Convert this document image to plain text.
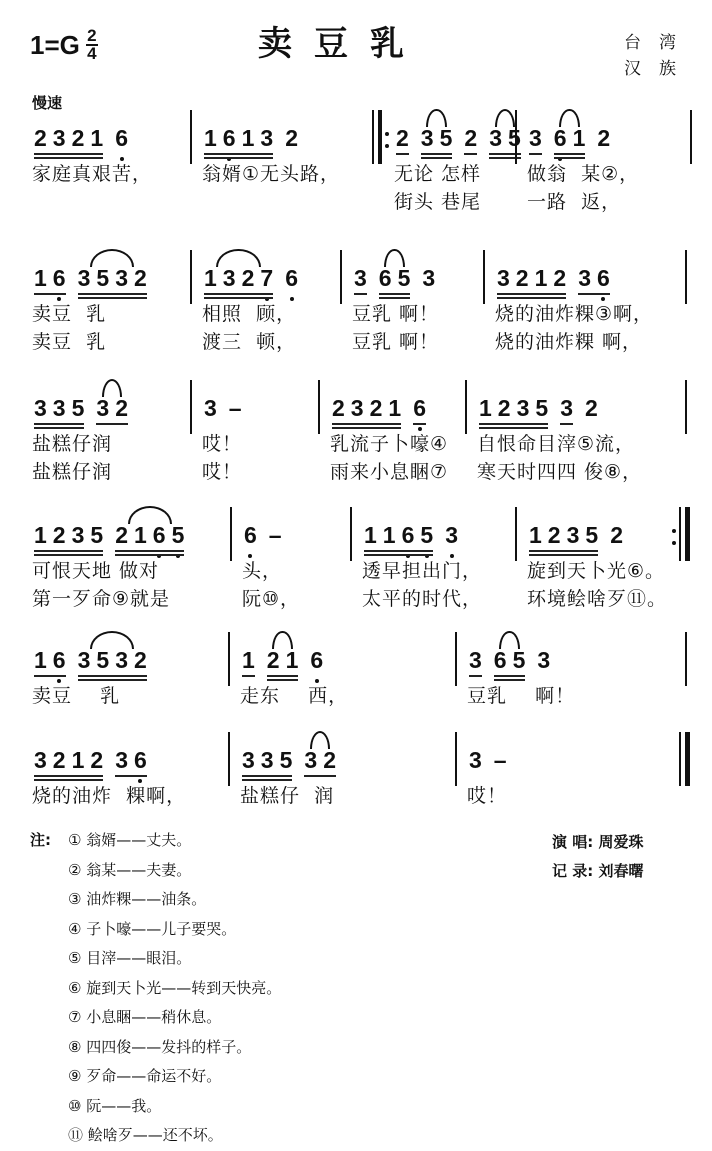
$1=G \frac{2}{4}$	卖豆乳	台湾
汉族
慢速
2 3 2 1 6
家庭真艰苦，
1 6 1 3 2
翁婿①无头路，
2 3 5 2 3 5
无论 怎样
街头 巷尾
3 6 1 2
做翁  某②，
一路  返，
1 6 3 5 3 2
卖豆  乳
卖豆  乳
1 3 2 7 6
相照  顾，
渡三  顿，
3 6 5 3
豆乳 啊！
豆乳 啊！
3 2 1 2 3 6
烧的油炸粿③啊，
烧的油炸粿 啊，
3 3 5 3 2
盐糕仔润
盐糕仔润
3 –
哎！
哎！
2 3 2 1 6
乳流子卜嚎④
雨来小息睏⑦
1 2 3 5 3 2
自恨命目滓⑤流，
寒天时四四 俊⑧，
1 2 3 5 2 1 6 5
可恨天地 做对
第一歹命⑨就是
6 –
头，
阮⑩，
1 1 6 5 3
透早担出门，
太平的时代，
1 2 3 5 2
旋到天卜光⑥。
环境鲙啥歹⑪。
1 6 3 5 3 2
卖豆    乳
1 2 1 6
走东    西，
3 6 5 3
豆乳    啊！
3 2 1 2 3 6
烧的油炸  粿啊，
3 3 5 3 2
盐糕仔  润
3 –
哎！
注: ① 翁婿——丈夫。
② 翁某——夫妻。
③ 油炸粿——油条。
④ 子卜嚎——儿子要哭。
⑤ 目滓——眼泪。
⑥ 旋到天卜光——转到天快亮。
⑦ 小息睏——稍休息。
⑧ 四四俊——发抖的样子。
⑨ 歹命——命运不好。
⑩ 阮——我。
⑪ 鲙啥歹——还不坏。
演 唱: 周爱珠
记 录: 刘春曙
